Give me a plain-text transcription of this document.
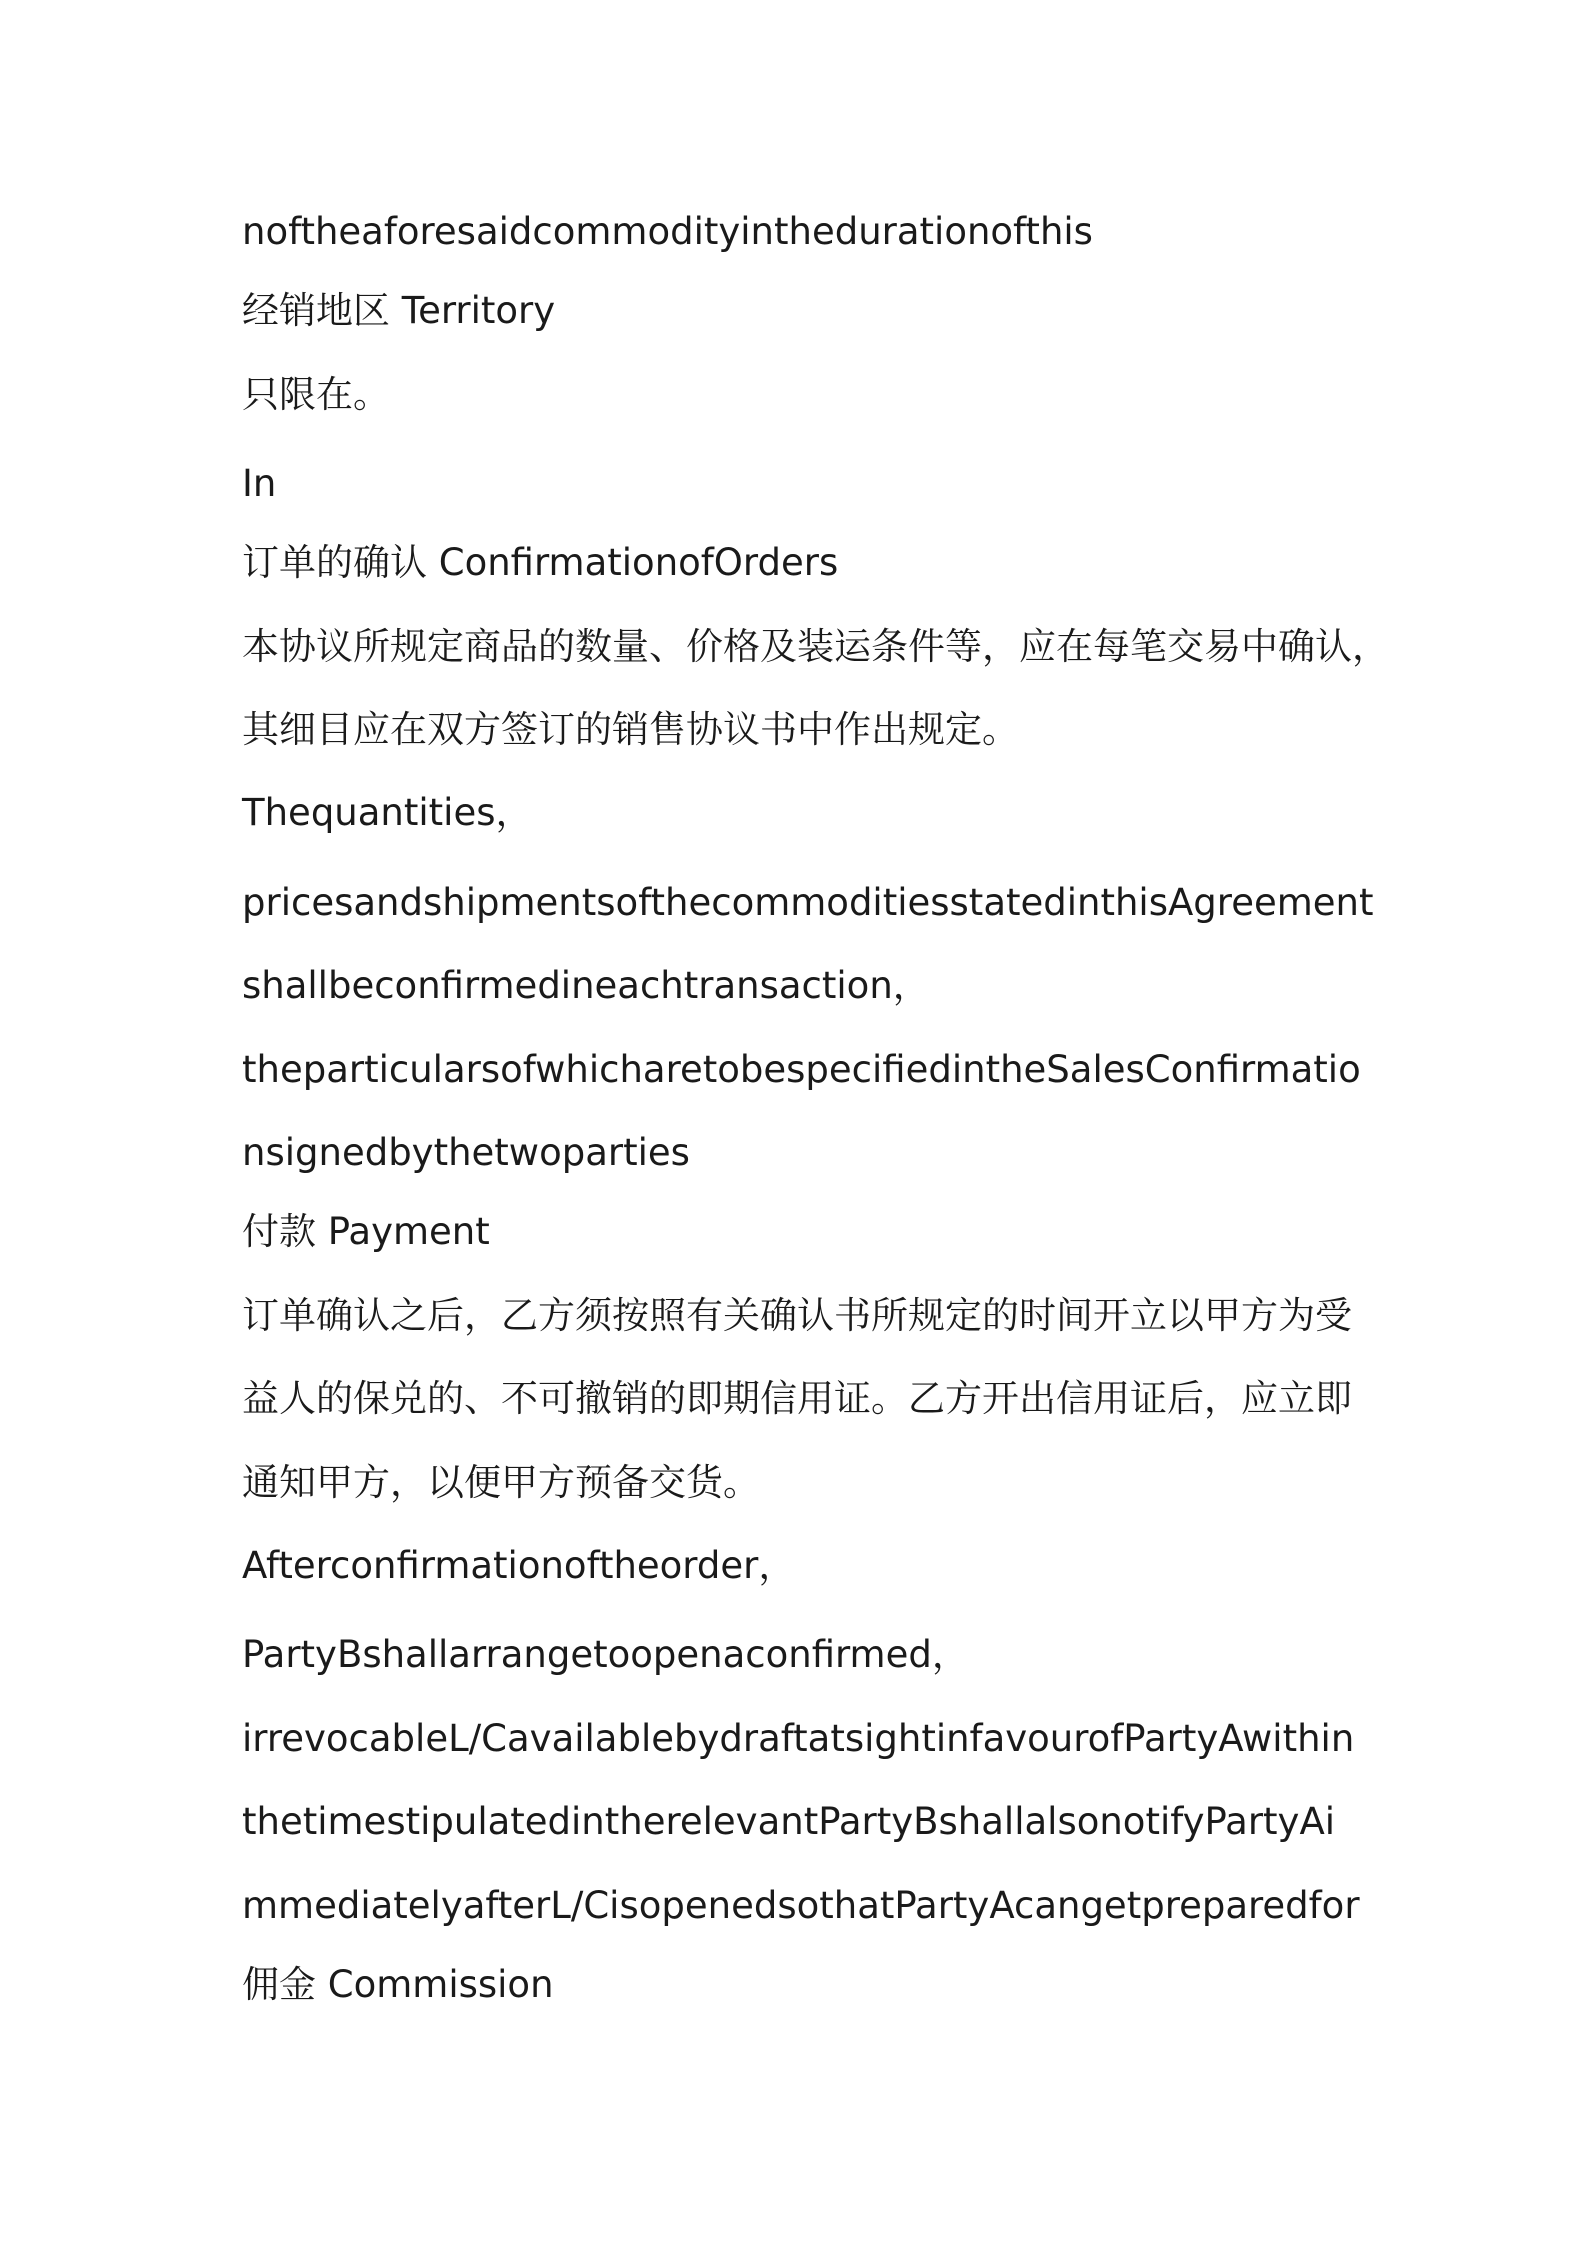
noftheaforesaidcommodityinthedurationofthis

经销地区 Territory

只限在。

In

订单的确认 ConfirmationofOrders

本协议所规定商品的数量、价格及装运条件等，应在每笔交易中确认，

其细目应在双方签订的销售协议书中作出规定。

Thequantities，

pricesandshipmentsofthecommoditiesstatedinthisAgreement

shallbeconfirmedineachtransaction，

theparticularsofwhicharetobespecifiedintheSalesConfirmatio

nsignedbythetwoparties

付款 Payment

订单确认之后，乙方须按照有关确认书所规定的时间开立以甲方为受

益人的保兑的、不可撤销的即期信用证。乙方开出信用证后，应立即

通知甲方，以便甲方预备交货。

Afterconfirmationoftheorder，

PartyBshallarrangetoopenaconfirmed，

irrevocableL/CavailablebydraftatsightinfavourofPartyAwithin

thetimestipulatedintherelevantPartyBshallalsonotifyPartyAi

mmediatelyafterL/CisopenedsothatPartyAcangetpreparedfor

佣金 Commission
